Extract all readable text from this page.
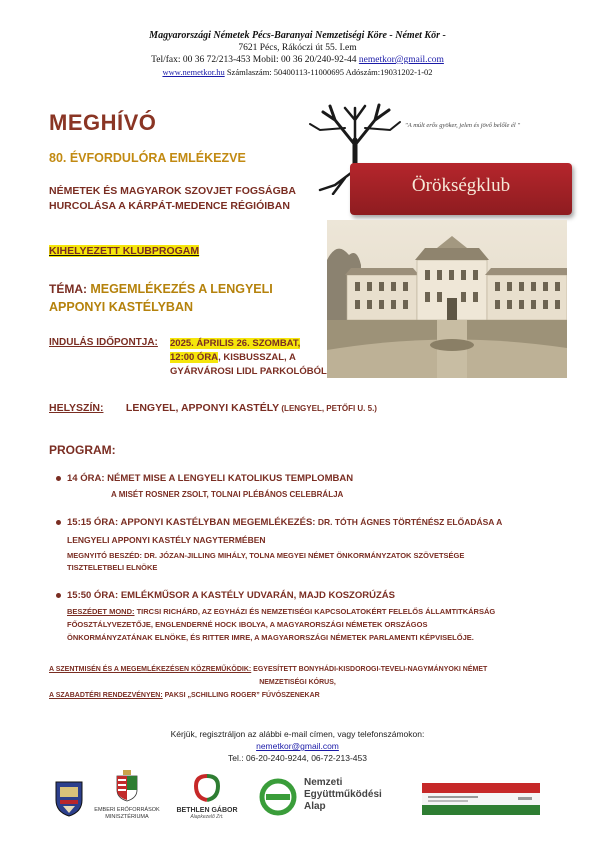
Magyarországi Németek Pécs-Baranyai Nemzetiségi Köre - Német Kör -
7621 Pécs, Rákóczi út 55. I.em
Tel/fax: 00 36 72/213-453 Mobil: 00 36 20/240-92-44 nemetkor@gmail.com
www.nemetkor.hu Számlaszám: 50400113-11000695 Adószám:19031202-1-02
"A múlt erős gyöker, jelen és jövő belőle él "
Örökségklub
MEGHÍVÓ
80. ÉVFORDULÓRA EMLÉKEZVE
NÉMETEK ÉS MAGYAROK SZOVJET FOGSÁGBA
HURCOLÁSA A KÁRPÁT-MEDENCE RÉGIÓIBAN
KIHELYEZETT KLUBPROGAM
TÉMA: MEGEMLÉKEZÉS A LENGYELI
APPONYI KASTÉLYBAN
INDULÁS IDŐPONTJA: 2025. ÁPRILIS 26. SZOMBAT,
12:00 ÓRA, KISBUSSZAL, A
GYÁRVÁROSI LIDL PARKOLÓBÓL
HELYSZÍN: LENGYEL, APPONYI KASTÉLY (LENGYEL, PETŐFI U. 5.)
PROGRAM:
14 ÓRA: NÉMET MISE A LENGYELI KATOLIKUS TEMPLOMBAN
A MISÉT ROSNER ZSOLT, TOLNAI PLÉBÁNOS CELEBRÁLJA
15:15 ÓRA: APPONYI KASTÉLYBAN MEGEMLÉKEZÉS: DR. TÓTH ÁGNES TÖRTÉNÉSZ ELŐADÁSA A
LENGYELI APPONYI KASTÉLY NAGYTERMÉBEN
MEGNYITÓ BESZÉD: DR. JÓZAN-JILLING MIHÁLY, TOLNA MEGYEI NÉMET ÖNKORMÁNYZATOK SZÖVETSÉGE
TISZTELETBELI ELNÖKE
15:50 ÓRA: EMLÉKMŰSOR A KASTÉLY UDVARÁN, MAJD KOSZORÚZÁS
BESZÉDET MOND: TIRCSI RICHÁRD, AZ EGYHÁZI ÉS NEMZETISÉGI KAPCSOLATOKÉRT FELELŐS ÁLLAMTITKÁRSÁG
FŐOSZTÁLYVEZETŐJE, ENGLENDERNÉ HOCK IBOLYA, A MAGYARORSZÁGI NÉMETEK ORSZÁGOS
ÖNKORMÁNYZATÁNAK ELNÖKE, ÉS RITTER IMRE, A MAGYARORSZÁGI NÉMETEK PARLAMENTI KÉPVISELŐJE.
A SZENTMISÉN ÉS A MEGEMLÉKEZÉSEN KÖZREMŰKÖDIK: EGYESÍTETT BONYHÁDI-KISDOROGI-TEVELI-NAGYMÁNYOKI NÉMET
NEMZETISÉGI KÓRUS,
A SZABADTÉRI RENDEZVÉNYEN: PAKSI „SCHILLING ROGER” FÚVÓSZENEKAR
Kérjük, regisztráljon az alábbi e-mail címen, vagy telefonszámokon:
nemetkor@gmail.com
Tel.: 06-20-240-9244, 06-72-213-453
EMBERI ERŐFORRÁSOK
MINISZTÉRIUMA
BETHLEN GÁBOR
Alapkezelő Zrt.
Nemzeti
Együttműködési
Alap
